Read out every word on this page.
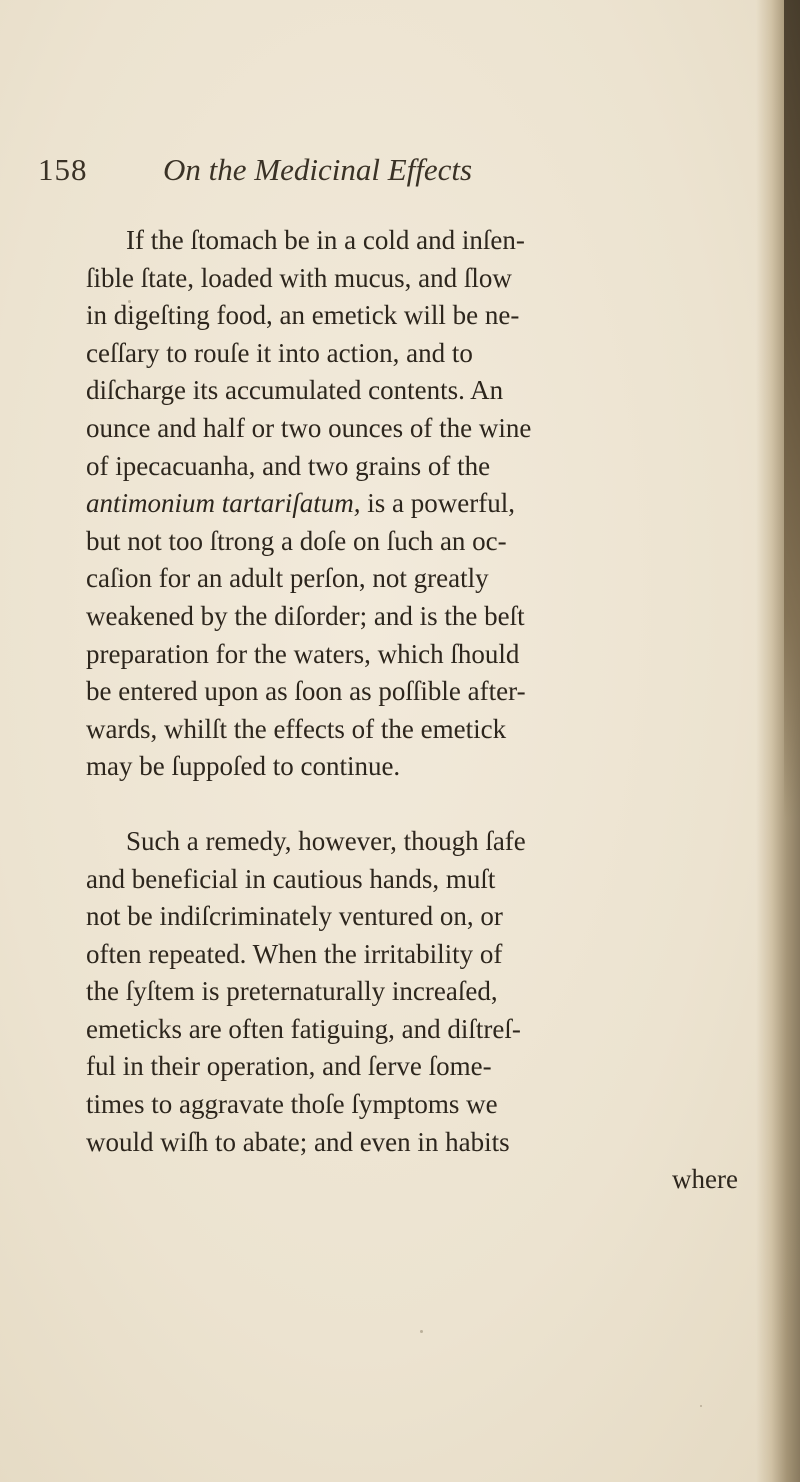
158 On the Medicinal Effects
If the ſtomach be in a cold and inſen-
ſible ſtate, loaded with mucus, and ſlow
in digeſting food, an emetick will be ne-
ceſſary to rouſe it into action, and to
diſcharge its accumulated contents. An
ounce and half or two ounces of the wine
of ipecacuanha, and two grains of the
antimonium tartariſatum, is a powerful,
but not too ſtrong a doſe on ſuch an oc-
caſion for an adult perſon, not greatly
weakened by the diſorder; and is the beſt
preparation for the waters, which ſhould
be entered upon as ſoon as poſſible after-
wards, whilſt the effects of the emetick
may be ſuppoſed to continue.
Such a remedy, however, though ſafe
and beneficial in cautious hands, muſt
not be indiſcriminately ventured on, or
often repeated. When the irritability of
the ſyſtem is preternaturally increaſed,
emeticks are often fatiguing, and diſtreſ-
ful in their operation, and ſerve ſome-
times to aggravate thoſe ſymptoms we
would wiſh to abate; and even in habits
where
